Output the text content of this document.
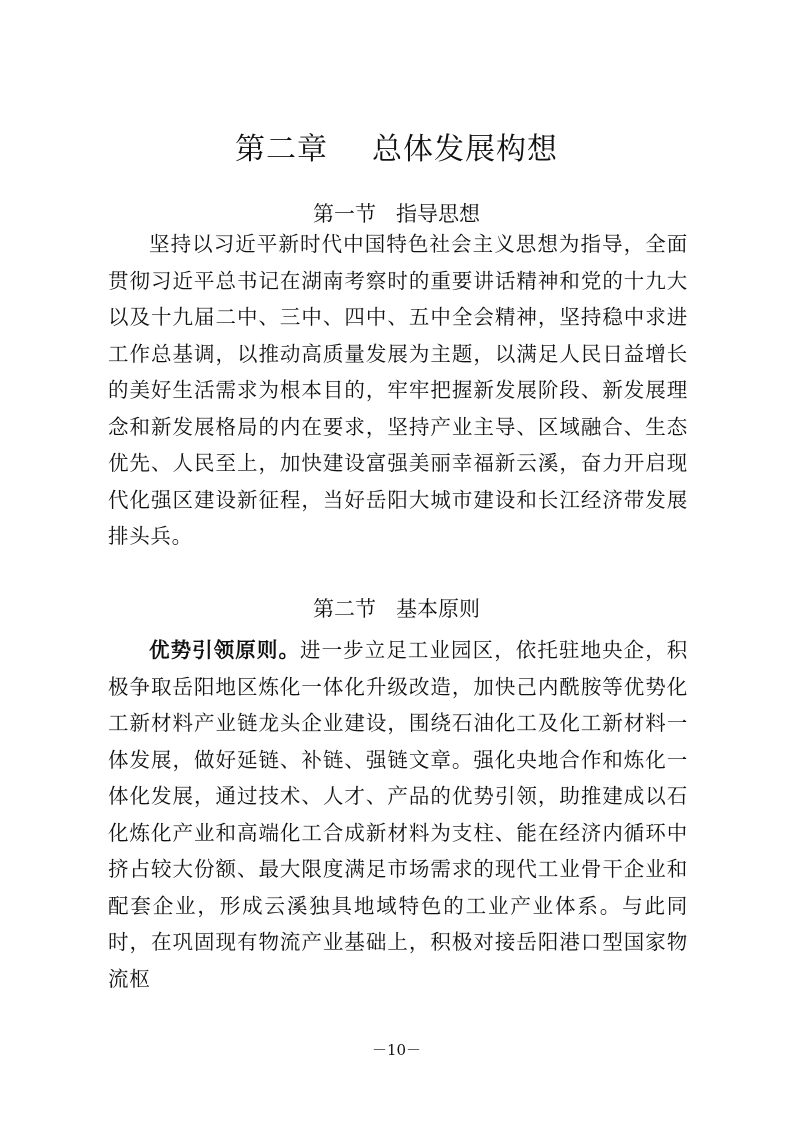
第二章 总体发展构想
第一节 指导思想

坚持以习近平新时代中国特色社会主义思想为指导，全面贯彻习近平总书记在湖南考察时的重要讲话精神和党的十九大以及十九届二中、三中、四中、五中全会精神，坚持稳中求进工作总基调，以推动高质量发展为主题，以满足人民日益增长的美好生活需求为根本目的，牢牢把握新发展阶段、新发展理念和新发展格局的内在要求，坚持产业主导、区域融合、生态优先、人民至上，加快建设富强美丽幸福新云溪，奋力开启现代化强区建设新征程，当好岳阳大城市建设和长江经济带发展排头兵。

第二节 基本原则

优势引领原则。进一步立足工业园区，依托驻地央企，积极争取岳阳地区炼化一体化升级改造，加快己内酰胺等优势化工新材料产业链龙头企业建设，围绕石油化工及化工新材料一体发展，做好延链、补链、强链文章。强化央地合作和炼化一体化发展，通过技术、人才、产品的优势引领，助推建成以石化炼化产业和高端化工合成新材料为支柱、能在经济内循环中挤占较大份额、最大限度满足市场需求的现代工业骨干企业和配套企业，形成云溪独具地域特色的工业产业体系。与此同时，在巩固现有物流产业基础上，积极对接岳阳港口型国家物流枢

－10－
